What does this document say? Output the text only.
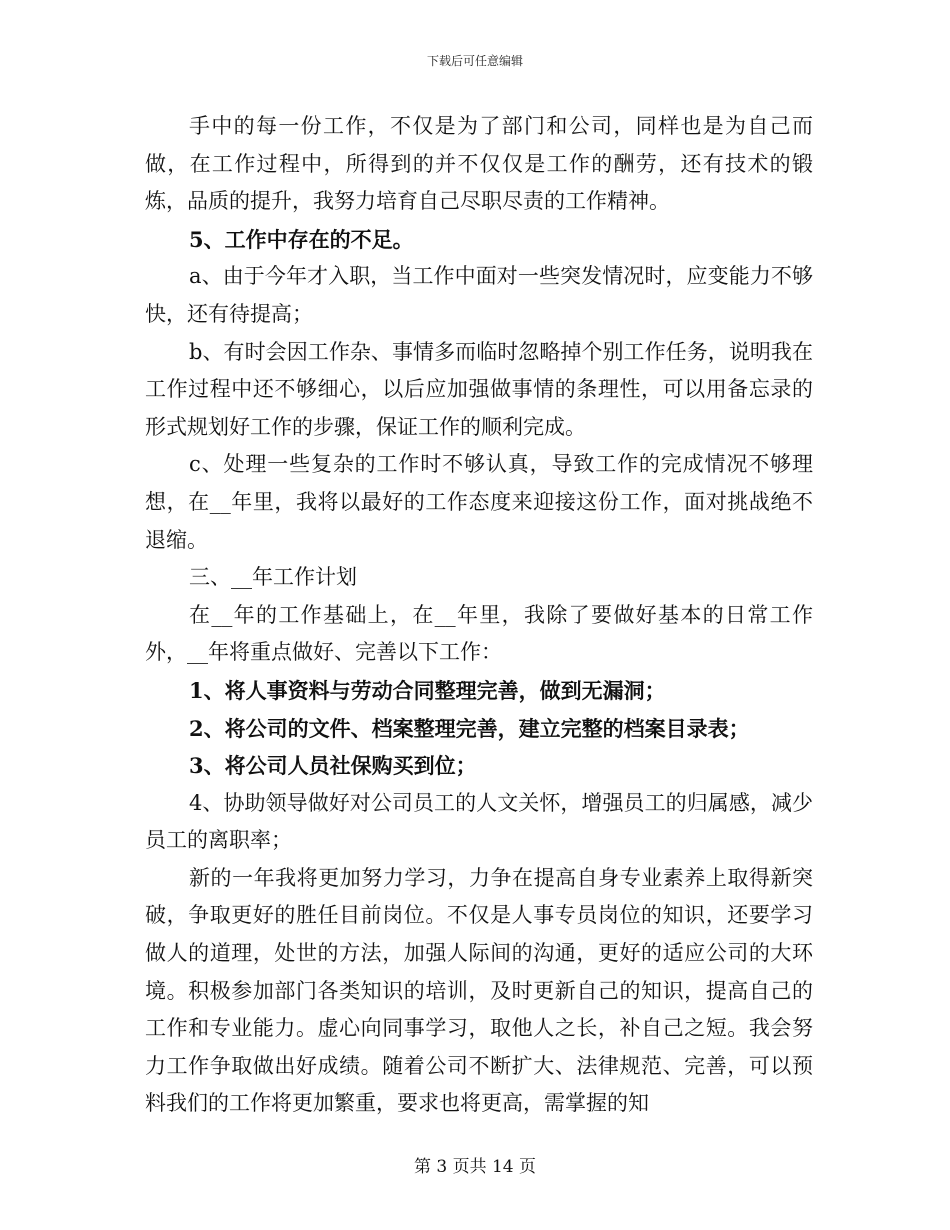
下载后可任意编辑

手中的每一份工作，不仅是为了部门和公司，同样也是为自己而做，在工作过程中，所得到的并不仅仅是工作的酬劳，还有技术的锻炼，品质的提升，我努力培育自己尽职尽责的工作精神。

5、工作中存在的不足。

a、由于今年才入职，当工作中面对一些突发情况时，应变能力不够快，还有待提高；

b、有时会因工作杂、事情多而临时忽略掉个别工作任务，说明我在工作过程中还不够细心，以后应加强做事情的条理性，可以用备忘录的形式规划好工作的步骤，保证工作的顺利完成。

c、处理一些复杂的工作时不够认真，导致工作的完成情况不够理想，在__年里，我将以最好的工作态度来迎接这份工作，面对挑战绝不退缩。

三、__年工作计划

在__年的工作基础上，在__年里，我除了要做好基本的日常工作外，__年将重点做好、完善以下工作：

1、将人事资料与劳动合同整理完善，做到无漏洞；

2、将公司的文件、档案整理完善，建立完整的档案目录表；

3、将公司人员社保购买到位；

4、协助领导做好对公司员工的人文关怀，增强员工的归属感，减少员工的离职率；

新的一年我将更加努力学习，力争在提高自身专业素养上取得新突破，争取更好的胜任目前岗位。不仅是人事专员岗位的知识，还要学习做人的道理，处世的方法，加强人际间的沟通，更好的适应公司的大环境。积极参加部门各类知识的培训，及时更新自己的知识，提高自己的工作和专业能力。虚心向同事学习，取他人之长，补自己之短。我会努力工作争取做出好成绩。随着公司不断扩大、法律规范、完善，可以预料我们的工作将更加繁重，要求也将更高，需掌握的知

第 3 页共 14 页
